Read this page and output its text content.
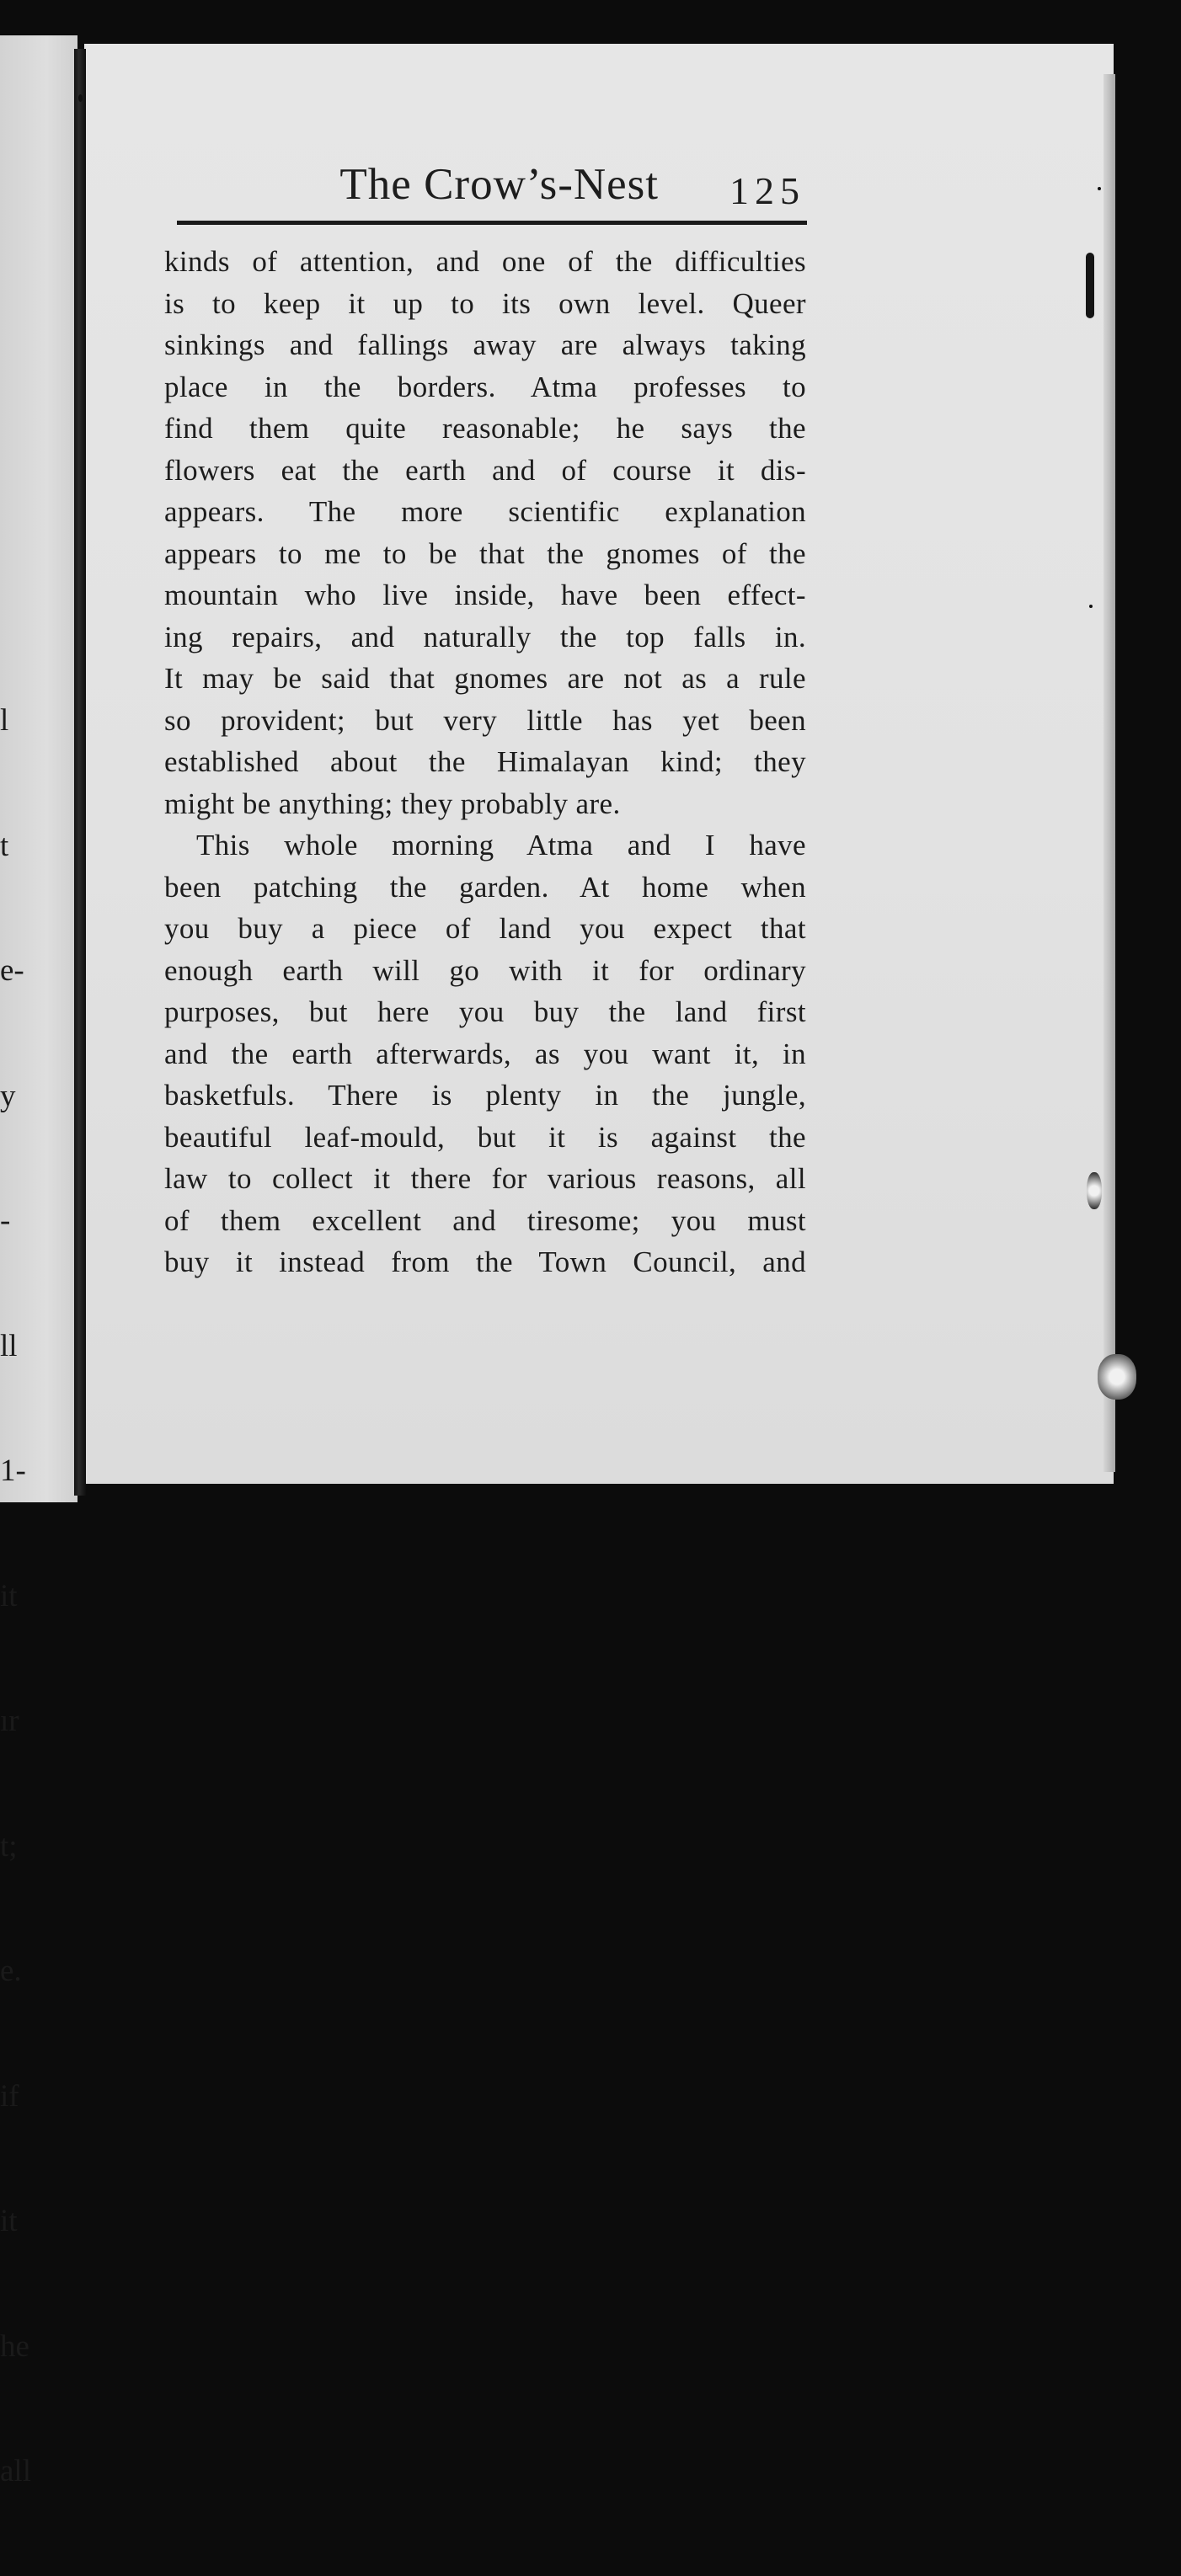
l

t

e-

y

-

ll

1-

it

ır

t;

e.

if

it

he

all

The Crow’s-Nest 125
kinds of attention, and one of the difficulties
is to keep it up to its own level. Queer
sinkings and fallings away are always taking
place in the borders. Atma professes to
find them quite reasonable; he says the
flowers eat the earth and of course it dis-
appears. The more scientific explanation
appears to me to be that the gnomes of the
mountain who live inside, have been effect-
ing repairs, and naturally the top falls in.
It may be said that gnomes are not as a rule
so provident; but very little has yet been
established about the Himalayan kind; they
might be anything; they probably are.
This whole morning Atma and I have
been patching the garden. At home when
you buy a piece of land you expect that
enough earth will go with it for ordinary
purposes, but here you buy the land first
and the earth afterwards, as you want it, in
basketfuls. There is plenty in the jungle,
beautiful leaf-mould, but it is against the
law to collect it there for various reasons, all
of them excellent and tiresome; you must
buy it instead from the Town Council, and
